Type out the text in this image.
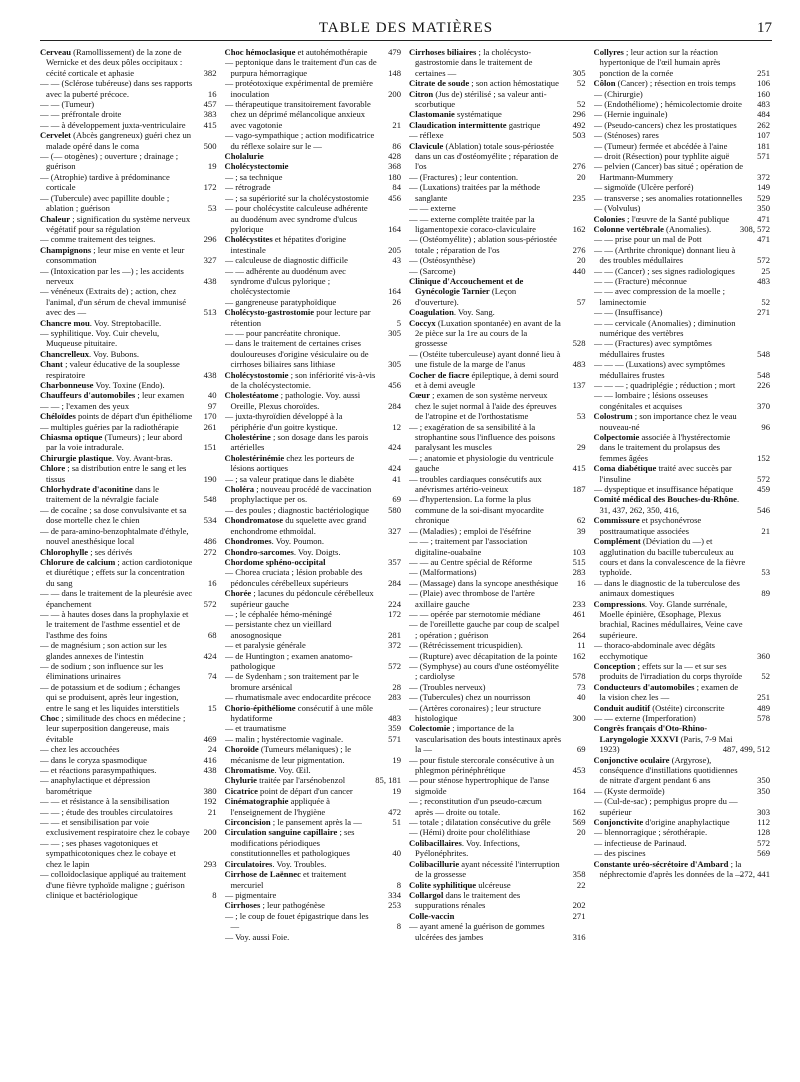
TABLE DES MATIÈRES	17

Cerveau (Ramollissement) de la zone de Wernicke et des deux pôles occipitaux : cécité corticale et aphasie	382

— — (Sclérose tubéreuse) dans ses rapports avec la puberté précoce.	16

— — (Tumeur)	457

— — préfrontale droite	383

— — à développement juxta-ventriculaire 415

Cervelet (Abcès gangreneux) guéri chez un malade opéré dans le coma	500

— (— otogènes) ; ouverture ; drainage ; guérison	19

— (Atrophie) tardive à prédominance corticale	172

— (Tubercule) avec papillite double ; ablation ; guérison	53

Chaleur ; signification du système nerveux végétatif pour sa régulation

— comme traitement des teignes.	296

Champignons ; leur mise en vente et leur consommation	327

— (Intoxication par les —) ; les accidents nerveux	438

— vénéneux (Extraits de) ; action, chez l'animal, d'un sérum de cheval immunisé avec des —	513

Chancre mou. Voy. Streptobacille.

— syphilitique. Voy. Cuir chevelu, Muqueuse pituitaire.

Chancrelleux. Voy. Bubons.

Chant ; valeur éducative de la souplesse respiratoire	438

Charbonneuse Voy. Toxine (Endo).

Chauffeurs d'automobiles ; leur examen	40

— — ; l'examen des yeux	97

Chéloïdes points de départ d'un épithéliome 170

— multiples guéries par la radiothérapie	261

Chiasma optique (Tumeurs) ; leur abord par la voie intradurale.	151

Chirurgie plastique. Voy. Avant-bras.

Chlore ; sa distribution entre le sang et les tissus	190

Chlorhydrate d'aconitine dans le traitement de la névralgie faciale	548

— de cocaïne ; sa dose convulsivante et sa dose mortelle chez le chien	534

— de para-amino-benzophtalmate d'éthyle, nouvel anesthésique local	486

Chlorophylle ; ses dérivés	272

Chlorure de calcium ; action cardiotonique et diurétique ; effets sur la concentration du sang	16

— — dans le traitement de la pleurésie avec épanchement	572

— — à hautes doses dans la prophylaxie et le traitement de l'asthme essentiel et de l'asthme des foins	68

— de magnésium ; son action sur les glandes annexes de l'intestin	424

— de sodium ; son influence sur les éliminations urinaires	74

— de potassium et de sodium ; échanges qui se produisent, après leur ingestion, entre le sang et les liquides interstitiels	15

Choc ; similitude des chocs en médecine ; leur superposition dangereuse, mais évitable	469

— chez les accouchées	24

— dans le coryza spasmodique	416

— et réactions parasympathiques.	438

— anaphylactique et dépression barométrique	380

— — et résistance à la sensibilisation	192

— — ; étude des troubles circulatoires	21

— — et sensibilisation par voie exclusivement respiratoire chez le cobaye 200

— — ; ses phases vagotoniques et sympathicotoniques chez le cobaye et chez le lapin	293

— colloïdoclasique appliqué au traitement d'une fièvre typhoïde maligne ; guérison clinique et bactériologique	8

Choc hémoclasique et autohémothérapie 479

— peptonique dans le traitement d'un cas de purpura hémorragique	148

— protéotoxique expérimental de première inoculation	200

— thérapeutique transitoirement favorable chez un déprimé mélancolique anxieux avec vagotonie	21

— vago-sympathique ; action modificatrice du réflexe solaire sur le —	86

Cholalurie	428

Cholécystectomie	368

— ; sa technique	180

— rétrograde	84

— ; sa supériorité sur la cholécystostomie 456

— pour cholécystite calculeuse adhérente au duodénum avec syndrome d'ulcus pylorique	164

Cholécystites et hépatites d'origine intestinale	205

— calculeuse de diagnostic difficile	43

— — adhérente au duodénum avec syndrome d'ulcus pylorique ; cholécystectomie	164

— gangreneuse paratyphoïdique	26

Cholécysto-gastrostomie pour lecture par rétention	5

— — pour pancréatite chronique.	305

— dans le traitement de certaines crises douloureuses d'origine vésiculaire ou de cirrhoses biliaires sans lithiase	305

Cholécystostomie ; son infériorité vis-à-vis de la cholécystectomie.	456

Cholestéatome ; pathologie. Voy. aussi Oreille, Plexus choroïdes.	284

— juxta-thyroïdien développé à la périphérie d'un goitre kystique.	12

Cholestérine ; son dosage dans les parois artérielles	424

Cholestérinémie chez les porteurs de lésions aortiques	424

— ; sa valeur pratique dans le diabète	41

Choléra ; nouveau procédé de vaccination prophylactique per os.	69

— des poules ; diagnostic bactériologique 580

Chondromatose du squelette avec grand enchondrome ethmoïdal.	327

Chondromes. Voy. Poumon.

Chondro-sarcomes. Voy. Doigts.

Chordome sphéno-occipital	357

— Chorea cruciata ; lésion probable des pédoncules cérébelleux supérieurs	284

Chorée ; lacunes du pédoncule cérébelleux supérieur gauche	224

— ; le céphalée hémo-méningé	172

— persistante chez un vieillard anosognosique	281

— et paralysie générale	372

— de Huntington ; examen anatomo-pathologique	572

— de Sydenham ; son traitement par le bromure arsénical	28

— rhumatismale avec endocardite précoce 283

Chorio-épithéliome consécutif à une môle hydatiforme	483

— et traumatisme	359

— malin ; hystérectomie vaginale.	571

Choroïde (Tumeurs mélaniques) ; le mécanisme de leur pigmentation.	19

Chromatisme. Voy. Œil.

Chylurie traitée par l'arsénobenzol	85, 181

Cicatrice point de départ d'un cancer	19

Cinématographie appliquée à l'enseignement de l'hygiène	472

Circoncision ; le pansement après la —	51

Circulation sanguine capillaire ; ses modifications périodiques constitutionnelles et pathologiques	40

Circulatoires. Voy. Troubles.

Cirrhose de Laënnec et traitement mercuriel	8

— pigmentaire	334

Cirrhoses ; leur pathogénèse	253

— ; le coup de fouet épigastrique dans les —	8

— Voy. aussi Foie.

Cirrhoses biliaires ; la cholécysto-gastrostomie dans le traitement de certaines —	305

Citrate de soude ; son action hémostatique 52

Citron (Jus de) stérilisé ; sa valeur anti-scorbutique	52

Clastomanie systématique	296

Claudication intermittente gastrique	492

— réflexe	503

Clavicule (Ablation) totale sous-périostée dans un cas d'ostéomyélite ; réparation de l'os	276

— (Fractures) ; leur contention.	20

— (Luxations) traitées par la méthode sanglante	235

— — externe

— — externe complète traitée par la ligamentopexie coraco-claviculaire	162

— (Ostéomyélite) ; ablation sous-périostée totale ; réparation de l'os	276

— (Ostéosynthèse)	20

— (Sarcome)	440

Clinique d'Accouchement et de Gynécologie Tarnier (Leçon d'ouverture).	57

Coagulation. Voy. Sang.

Coccyx (Luxation spontanée) en avant de la 2e pièce sur la 1re au cours de la grossesse	528

— (Ostéite tuberculeuse) ayant donné lieu à une fistule de la marge de l'anus	483

Cocher de fiacre épileptique, à demi sourd et à demi aveugle	137

Cœur ; examen de son système nerveux chez le sujet normal à l'aide des épreuves de l'atropine et de l'orthostatisme	53

— ; exagération de sa sensibilité à la strophantine sous l'influence des poisons paralysant les muscles	29

— ; anatomie et physiologie du ventricule gauche	415

— troubles cardiaques consécutifs aux anévrismes artério-veineux	187

— d'hypertension. La forme la plus commune de la soi-disant myocardite chronique	62

— (Maladies) ; emploi de l'éséfrine	39

— — ; traitement par l'association digitaline-ouabaïne	103

— — au Centre spécial de Réforme	515

— (Malformations)	283

— (Massage) dans la syncope anesthésique 16

— (Plaie) avec thrombose de l'artère axillaire gauche	233

— — opérée par sternotomie médiane	461

— de l'oreillette gauche par coup de scalpel ; opération ; guérison	264

— (Rétrécissement tricuspidien).	11

— (Rupture) avec décapitation de la pointe 162

— (Symphyse) au cours d'une ostéomyélite ; cardiolyse	578

— (Troubles nerveux)	73

— (Tubercules) chez un nourrisson	40

— (Artères coronaires) ; leur structure histologique	300

Colectomie ; importance de la vascularisation des bouts intestinaux après la —	69

— pour fistule stercorale consécutive à un phlegmon périnéphrétique	453

— pour sténose hypertrophique de l'anse sigmoïde	164

— ; reconstitution d'un pseudo-cæcum après — droite ou totale.	162

— totale ; dilatation consécutive du grêle	569

— (Hémi) droite pour cholélithiase	20

Colibacillaires. Voy. Infections, Pyélonéphrites.

Colibacillurie ayant nécessité l'interruption de la grossesse	358

Colite syphilitique ulcéreuse	22

Collargol dans le traitement des suppurations rénales	202

Colle-vaccin	271

— ayant amené la guérison de gommes ulcérées des jambes	316

Collyres ; leur action sur la réaction hypertonique de l'œil humain après ponction de la cornée	251

Côlon (Cancer) ; résection en trois temps 106

— (Chirurgie)	160

— (Endothéliome) ; hémicolectomie droite 483

— (Hernie inguinale)	484

— (Pseudo-cancers) chez les prostatiques 262

— (Sténoses) rares	107

— (Tumeur) fermée et abcédée à l'aine	181

— droit (Résection) pour typhlite aiguë	571

— pelvien (Cancer) bas situé ; opération de Hartmann-Mummery	372

— sigmoïde (Ulcère perforé)	149

— transverse ; ses anomalies rotationnelles 529

— (Volvulus)	350

Colonies ; l'œuvre de la Santé publique	471

Colonne vertébrale (Anomalies).	308, 572

— — prise pour un mal de Pott	471

— — (Arthrite chronique) donnant lieu à des troubles médullaires	572

— — (Cancer) ; ses signes radiologiques	25

— — (Fracture) méconnue	483

— — avec compression de la moelle ; laminectomie	52

— — (Insuffisance)	271

— — cervicale (Anomalies) ; diminution numérique des vertèbres

— — (Fractures) avec symptômes médullaires frustes	548

— — — (Luxations) avec symptômes médullaires frustes	548

— — — ; quadriplégie ; réduction ; mort	226

— — lombaire ; lésions osseuses congénitales et acquises	370

Colostrum ; son importance chez le veau nouveau-né	96

Colpectomie associée à l'hystérectomie dans le traitement du prolapsus des femmes âgées	152

Coma diabétique traité avec succès par l'insuline	572

— dyspeptique et insuffisance hépatique	459

Comité médical des Bouches-du-Rhône. 31, 437, 262, 350, 416,	546

Commissure et psychonévrose posttraumatique associées	21

Complément (Déviation du —) et agglutination du bacille tuberculeux au cours et dans la convalescence de la fièvre typhoïde.	53

— dans le diagnostic de la tuberculose des animaux domestiques	89

Compressions. Voy. Glande surrénale, Moelle épinière, Œsophage, Plexus brachial, Racines médullaires, Veine cave supérieure.

— thoraco-abdominale avec dégâts ecchymotique	360

Conception ; effets sur la — et sur ses produits de l'irradiation du corps thyroïde 52

Conducteurs d'automobiles ; examen de la vision chez les —	251

Conduit auditif (Ostéite) circonscrite	489

— — externe (Imperforation)	578

Congrès français d'Oto-Rhino-Laryngologie XXXVI (Paris, 7-9 Mai 1923)	487, 499, 512

Conjonctive oculaire (Argyrose), conséquence d'instillations quotidiennes de nitrate d'argent pendant 6 ans	350

— (Kyste dermoïde)	350

— (Cul-de-sac) ; pemphigus propre du — supérieur	303

Conjonctivite d'origine anaphylactique	112

— blennorragique ; sérothérapie.	128

— infectieuse de Parinaud.	572

— des piscines	569

Constante uréo-sécrétoire d'Ambard ; la néphrectomie d'après les données de la —
272, 441
